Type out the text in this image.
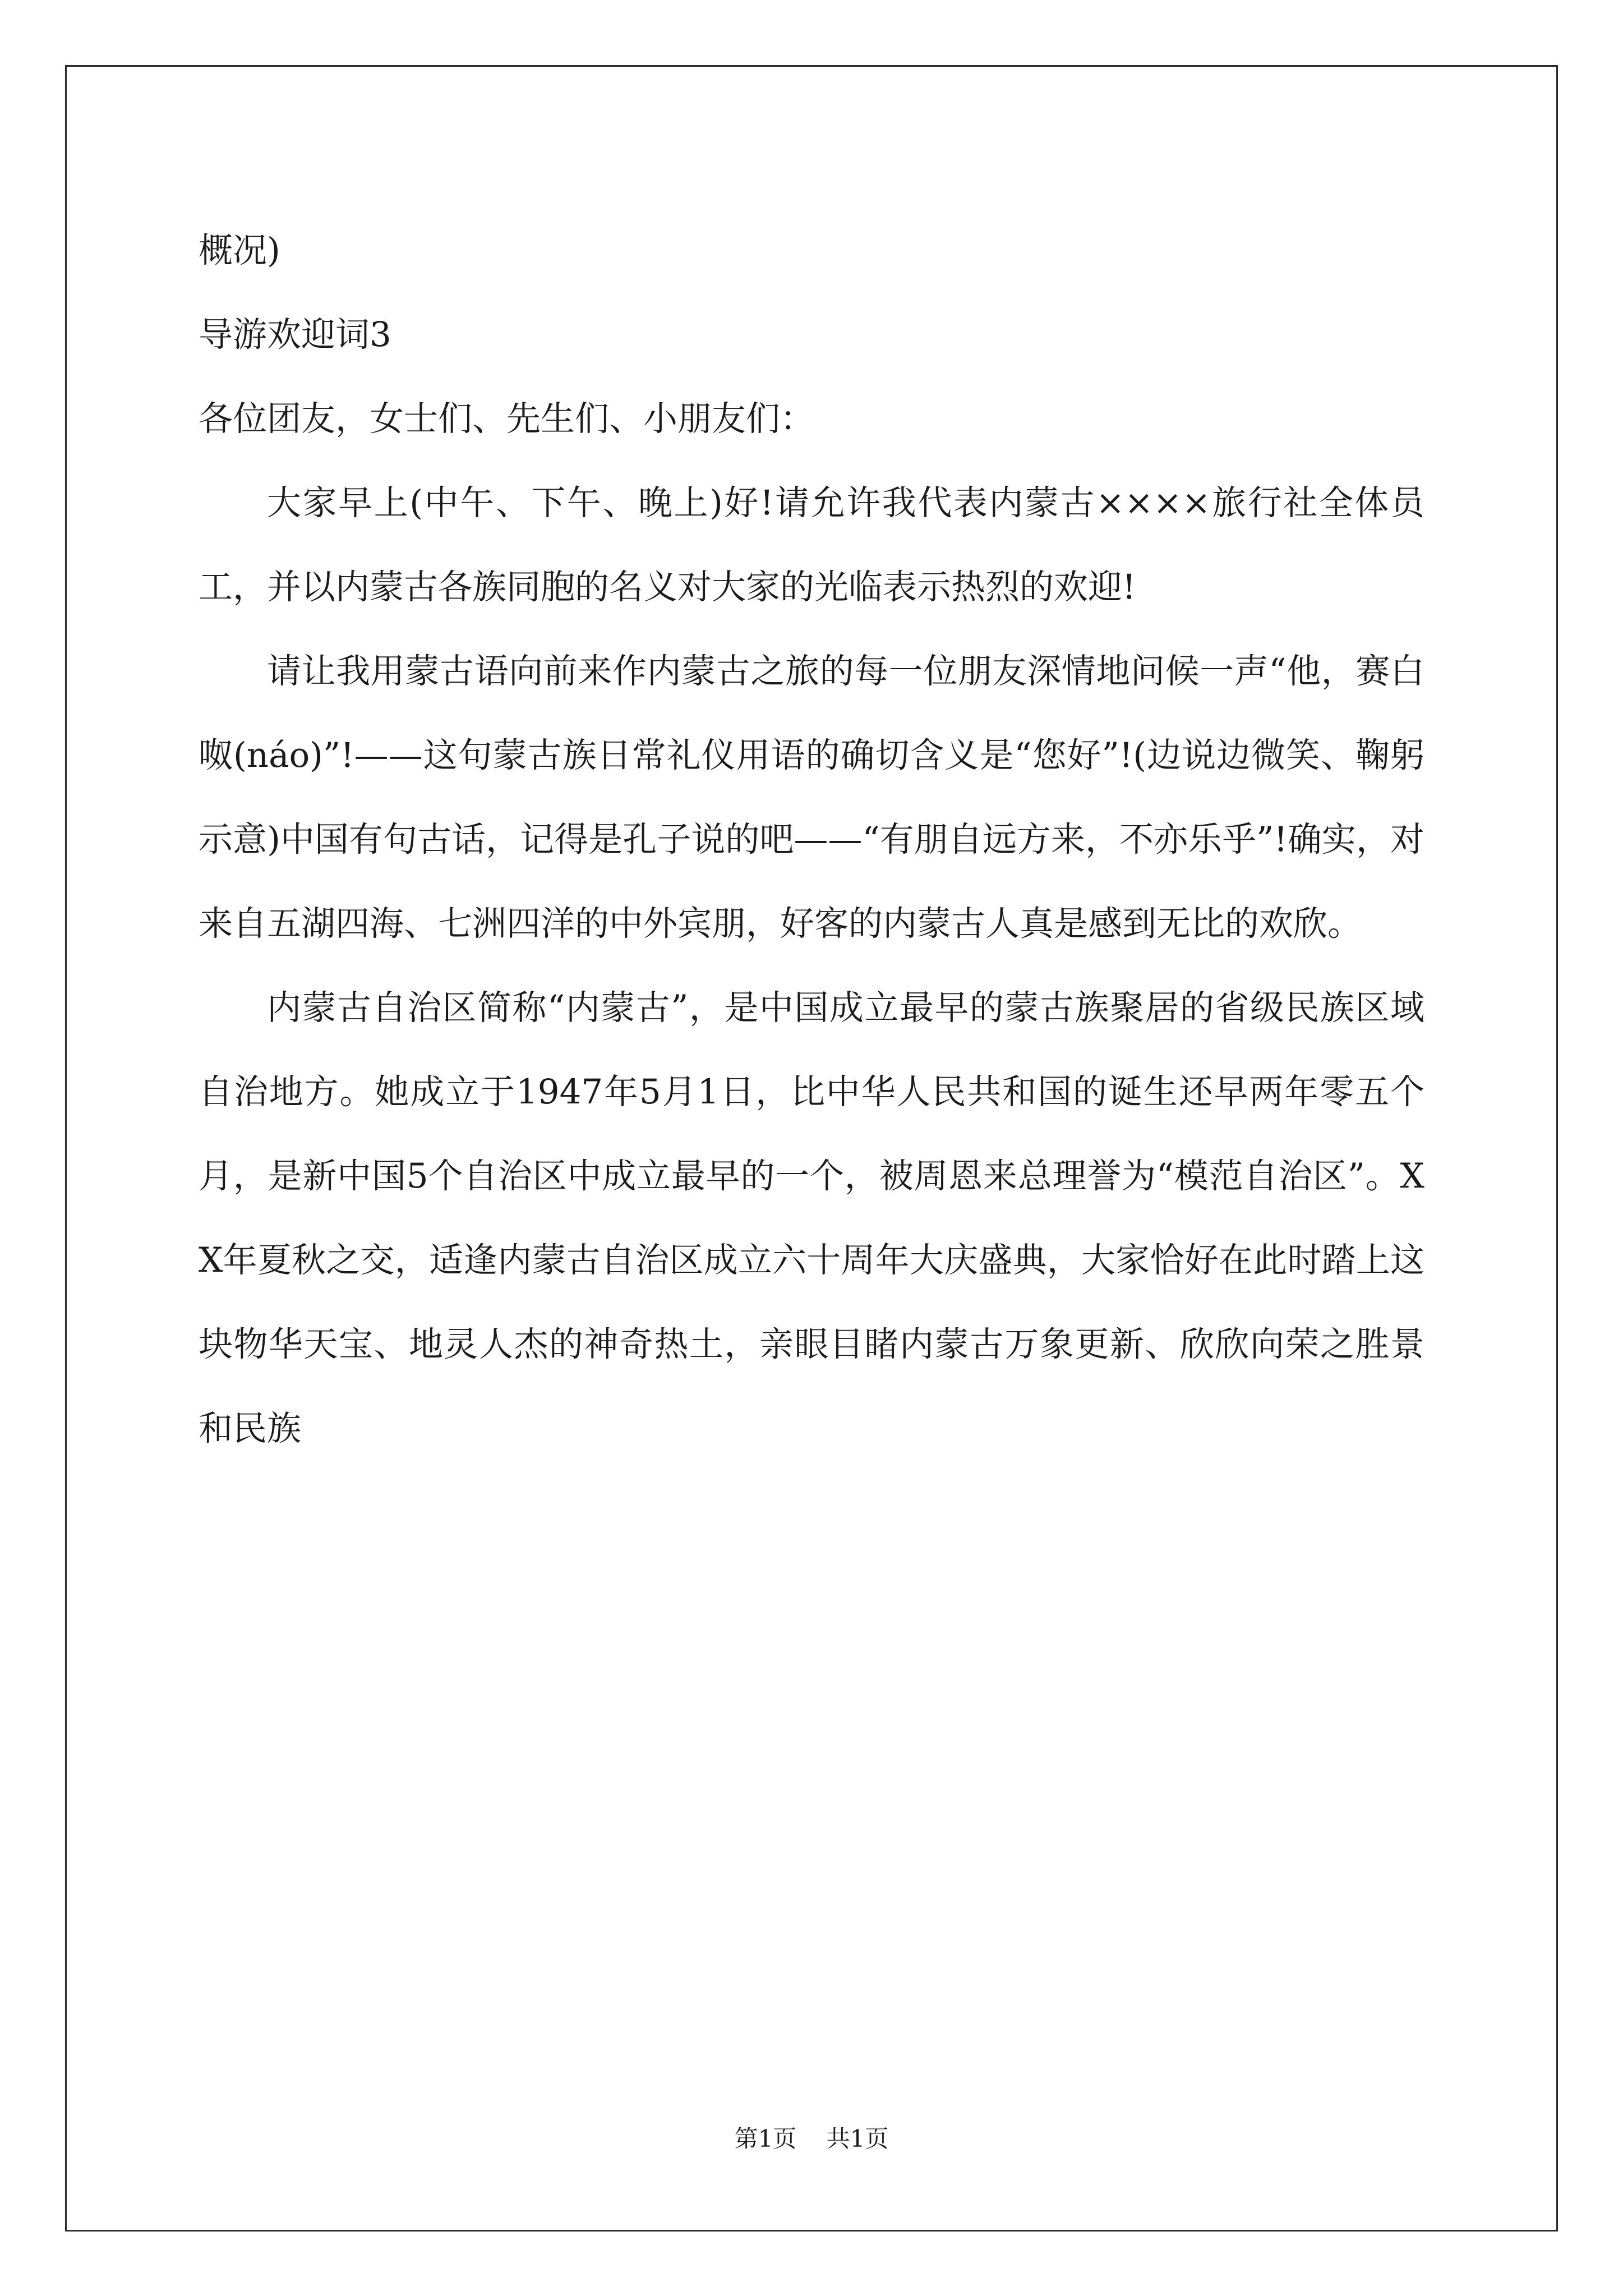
概况)

导游欢迎词3

各位团友，女士们、先生们、小朋友们：

大家早上(中午、下午、晚上)好!请允许我代表内蒙古××××旅行社全体员工，并以内蒙古各族同胞的名义对大家的光临表示热烈的欢迎!

请让我用蒙古语向前来作内蒙古之旅的每一位朋友深情地问候一声“他，赛白呶(náo)”!——这句蒙古族日常礼仪用语的确切含义是“您好”!(边说边微笑、鞠躬示意)中国有句古话，记得是孔子说的吧——“有朋自远方来，不亦乐乎”!确实，对来自五湖四海、七洲四洋的中外宾朋，好客的内蒙古人真是感到无比的欢欣。

内蒙古自治区简称“内蒙古”，是中国成立最早的蒙古族聚居的省级民族区域自治地方。她成立于1947年5月1日，比中华人民共和国的诞生还早两年零五个月，是新中国5个自治区中成立最早的一个，被周恩来总理誉为“模范自治区”。XX年夏秋之交，适逢内蒙古自治区成立六十周年大庆盛典，大家恰好在此时踏上这块物华天宝、地灵人杰的神奇热土，亲眼目睹内蒙古万象更新、欣欣向荣之胜景和民族

第1页 共1页
